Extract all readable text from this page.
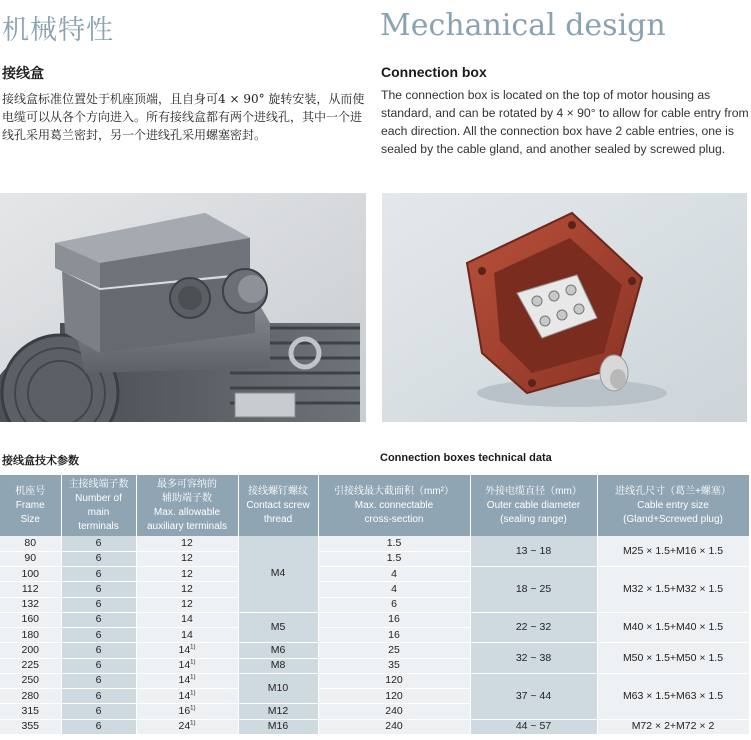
机械特性	Mechanical design
接线盒	Connection box
接线盒标准位置处于机座顶端，且自身可4 × 90° 旋转安装，从而使电缆可以从各个方向进入。所有接线盒都有两个进线孔，其中一个进线孔采用葛兰密封，另一个进线孔采用螺塞密封。
The connection box is located on the top of motor housing as standard, and can be rotated by 4 × 90° to allow for cable entry from each direction. All the connection box have 2 cable entries, one is sealed by the cable gland, and another sealed by screwed plug.
接线盒技术参数	Connection boxes technical data
机座号
Frame
Size	主接线端子数
Number of
main
terminals	最多可容纳的
辅助端子数
Max. allowable
auxiliary terminals	接线螺钉螺纹
Contact screw
thread	引接线最大截面积（mm²）
Max. connectable
cross-section	外接电缆直径（mm）
Outer cable diameter
(sealing range)	进线孔尺寸（葛兰+螺塞）
Cable entry size
(Gland+Screwed plug)

80	6	12	M4	1.5	13 ~ 18	M25 × 1.5+M16 × 1.5
90	6	12		1.5		
100	6	12		4	18 ~ 25	M32 × 1.5+M32 × 1.5
112	6	12		4		
132	6	12		6		
160	6	14	M5	16	22 ~ 32	M40 × 1.5+M40 × 1.5
180	6	14		16		
200	6	14$^{1)}$	M6	25	32 ~ 38	M50 × 1.5+M50 × 1.5
225	6	14$^{1)}$	M8	35		
250	6	14$^{1)}$	M10	120	37 ~ 44	M63 × 1.5+M63 × 1.5
280	6	14$^{1)}$		120		
315	6	16$^{1)}$	M12	240		
355	6	24$^{1)}$	M16	240	44 ~ 57	M72 × 2+M72 × 2
